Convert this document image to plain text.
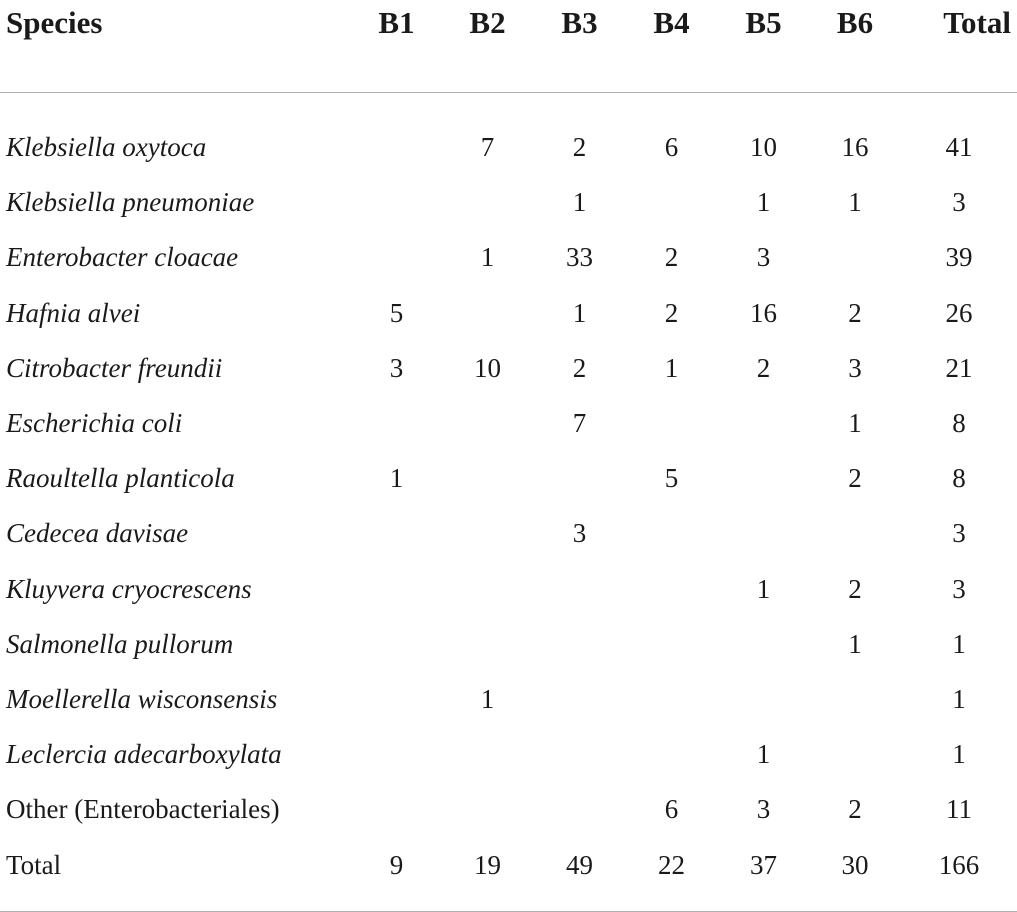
Species	B1	B2	B3	B4	B5	B6	Total

Klebsiella oxytoca		7	2	6	10	16	41
Klebsiella pneumoniae			1		1	1	3
Enterobacter cloacae		1	33	2	3		39
Hafnia alvei	5		1	2	16	2	26
Citrobacter freundii	3	10	2	1	2	3	21
Escherichia coli			7			1	8
Raoultella planticola	1			5		2	8
Cedecea davisae			3				3
Kluyvera cryocrescens					1	2	3
Salmonella pullorum						1	1
Moellerella wisconsensis		1					1
Leclercia adecarboxylata					1		1
Other (Enterobacteriales)				6	3	2	11
Total	9	19	49	22	37	30	166
